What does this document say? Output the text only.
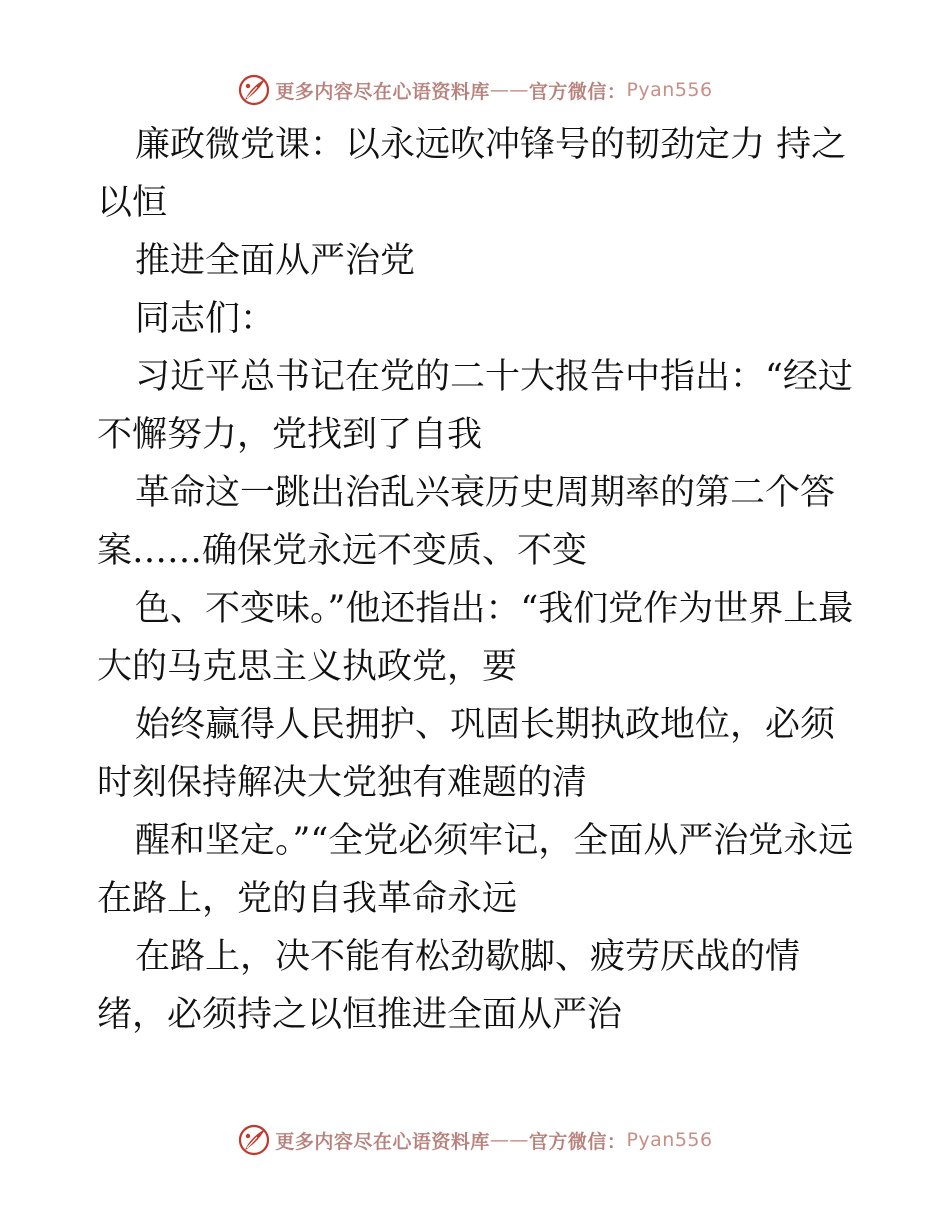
更多内容尽在心语资料库 —— 官方微信： Pyan556

廉政微党课：以永远吹冲锋号的韧劲定力 持之以恒

推进全面从严治党

同志们：

习近平总书记在党的二十大报告中指出：“经过不懈努力，党找到了自我

革命这一跳出治乱兴衰历史周期率的第二个答案……确保党永远不变质、不变

色、不变味。”他还指出：“我们党作为世界上最大的马克思主义执政党，要

始终赢得人民拥护、巩固长期执政地位，必须时刻保持解决大党独有难题的清

醒和坚定。”“全党必须牢记，全面从严治党永远在路上，党的自我革命永远

在路上，决不能有松劲歇脚、疲劳厌战的情绪，必须持之以恒推进全面从严治

更多内容尽在心语资料库 —— 官方微信： Pyan556
